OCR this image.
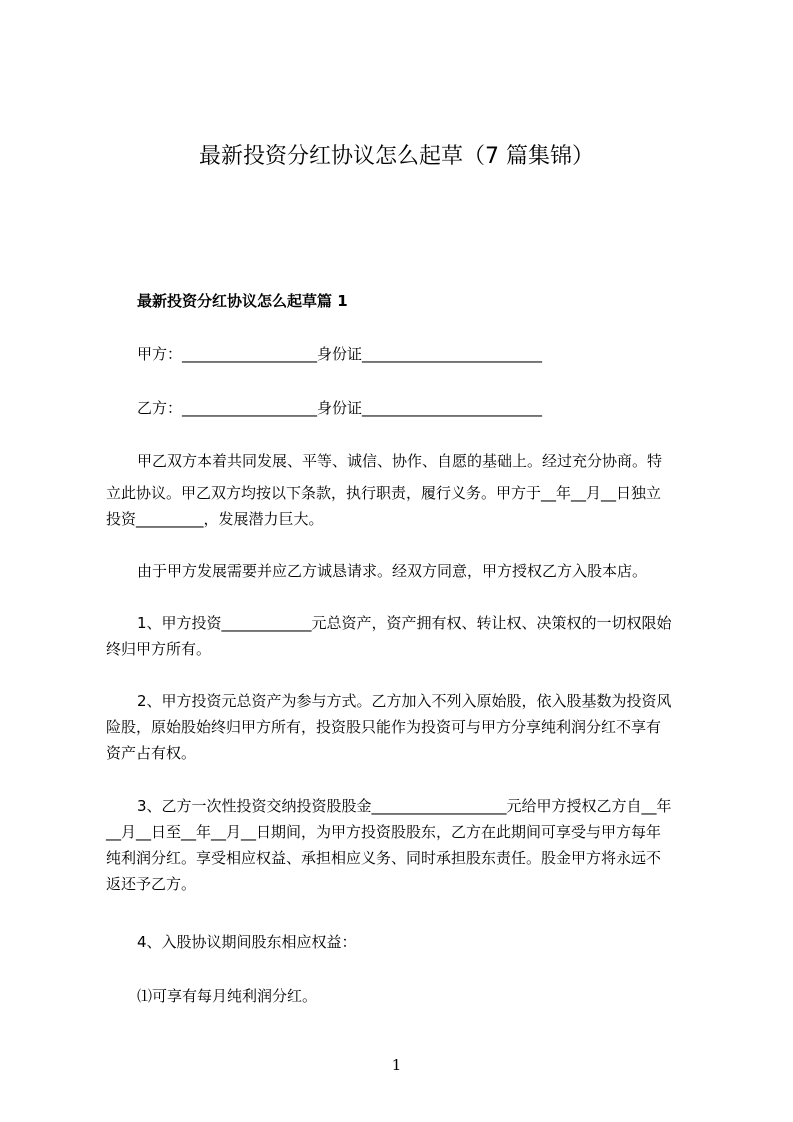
最新投资分红协议怎么起草（7 篇集锦）
最新投资分红协议怎么起草篇 1
甲方：__________________身份证________________________
乙方：__________________身份证________________________
甲乙双方本着共同发展、平等、诚信、协作、自愿的基础上。经过充分协商。特
立此协议。甲乙双方均按以下条款，执行职责，履行义务。甲方于__年__月__日独立
投资_________，发展潜力巨大。
由于甲方发展需要并应乙方诚恳请求。经双方同意，甲方授权乙方入股本店。
1、甲方投资____________元总资产，资产拥有权、转让权、决策权的一切权限始
终归甲方所有。
2、甲方投资元总资产为参与方式。乙方加入不列入原始股，依入股基数为投资风
险股，原始股始终归甲方所有，投资股只能作为投资可与甲方分享纯利润分红不享有
资产占有权。
3、乙方一次性投资交纳投资股股金__________________元给甲方授权乙方自__年
__月__日至__年__月__日期间，为甲方投资股股东，乙方在此期间可享受与甲方每年
纯利润分红。享受相应权益、承担相应义务、同时承担股东责任。股金甲方将永远不
返还予乙方。
4、入股协议期间股东相应权益：
⑴可享有每月纯利润分红。
1
